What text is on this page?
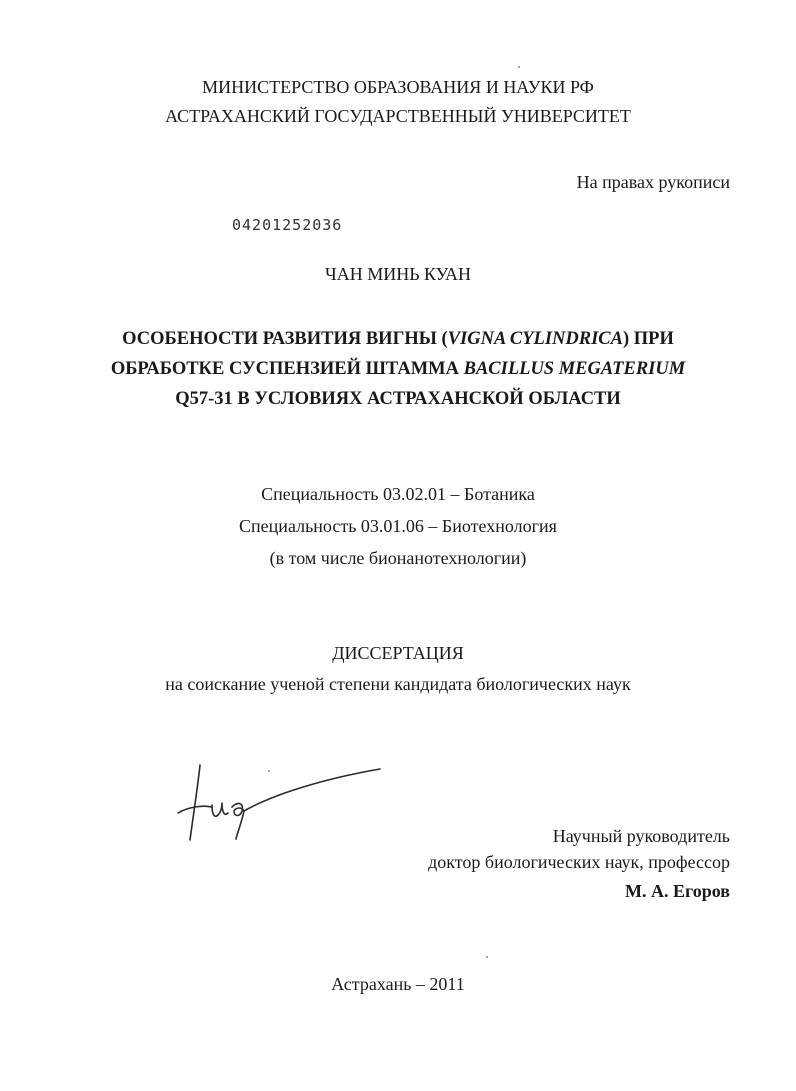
МИНИСТЕРСТВО ОБРАЗОВАНИЯ И НАУКИ РФ
АСТРАХАНСКИЙ ГОСУДАРСТВЕННЫЙ УНИВЕРСИТЕТ
На правах рукописи
04201252036
ЧАН МИНЬ КУАН
ОСОБЕНОСТИ РАЗВИТИЯ ВИГНЫ (VIGNA CYLINDRICA) ПРИ
ОБРАБОТКЕ СУСПЕНЗИЕЙ ШТАММА BACILLUS MEGATERIUM
Q57-31 В УСЛОВИЯХ АСТРАХАНСКОЙ ОБЛАСТИ
Специальность 03.02.01 – Ботаника
Специальность 03.01.06 – Биотехнология
(в том числе бионанотехнологии)
ДИССЕРТАЦИЯ
на соискание ученой степени кандидата биологических наук
Научный руководитель
доктор биологических наук, профессор
М. А. Егоров
Астрахань – 2011
